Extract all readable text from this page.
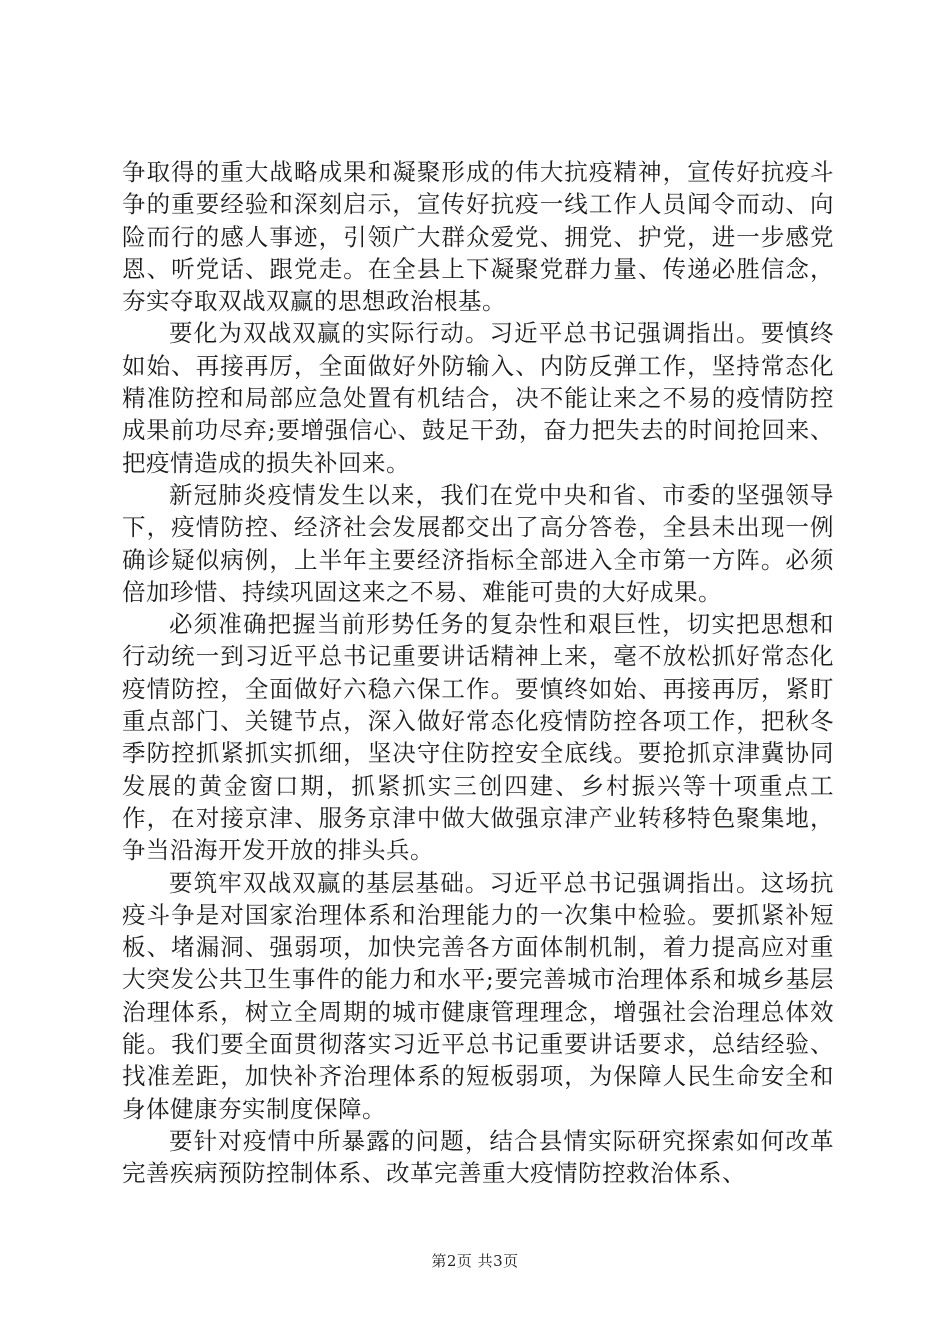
争取得的重大战略成果和凝聚形成的伟大抗疫精神，宣传好抗疫斗争的重要经验和深刻启示，宣传好抗疫一线工作人员闻令而动、向险而行的感人事迹，引领广大群众爱党、拥党、护党，进一步感党恩、听党话、跟党走。在全县上下凝聚党群力量、传递必胜信念，夯实夺取双战双赢的思想政治根基。

要化为双战双赢的实际行动。习近平总书记强调指出。要慎终如始、再接再厉，全面做好外防输入、内防反弹工作，坚持常态化精准防控和局部应急处置有机结合，决不能让来之不易的疫情防控成果前功尽弃;要增强信心、鼓足干劲，奋力把失去的时间抢回来、把疫情造成的损失补回来。

新冠肺炎疫情发生以来，我们在党中央和省、市委的坚强领导下，疫情防控、经济社会发展都交出了高分答卷，全县未出现一例确诊疑似病例，上半年主要经济指标全部进入全市第一方阵。必须倍加珍惜、持续巩固这来之不易、难能可贵的大好成果。

必须准确把握当前形势任务的复杂性和艰巨性，切实把思想和行动统一到习近平总书记重要讲话精神上来，毫不放松抓好常态化疫情防控，全面做好六稳六保工作。要慎终如始、再接再厉，紧盯重点部门、关键节点，深入做好常态化疫情防控各项工作，把秋冬季防控抓紧抓实抓细，坚决守住防控安全底线。要抢抓京津冀协同发展的黄金窗口期，抓紧抓实三创四建、乡村振兴等十项重点工作，在对接京津、服务京津中做大做强京津产业转移特色聚集地，争当沿海开发开放的排头兵。

要筑牢双战双赢的基层基础。习近平总书记强调指出。这场抗疫斗争是对国家治理体系和治理能力的一次集中检验。要抓紧补短板、堵漏洞、强弱项，加快完善各方面体制机制，着力提高应对重大突发公共卫生事件的能力和水平;要完善城市治理体系和城乡基层治理体系，树立全周期的城市健康管理理念，增强社会治理总体效能。我们要全面贯彻落实习近平总书记重要讲话要求，总结经验、找准差距，加快补齐治理体系的短板弱项，为保障人民生命安全和身体健康夯实制度保障。

要针对疫情中所暴露的问题，结合县情实际研究探索如何改革完善疾病预防控制体系、改革完善重大疫情防控救治体系、

第2页 共3页
